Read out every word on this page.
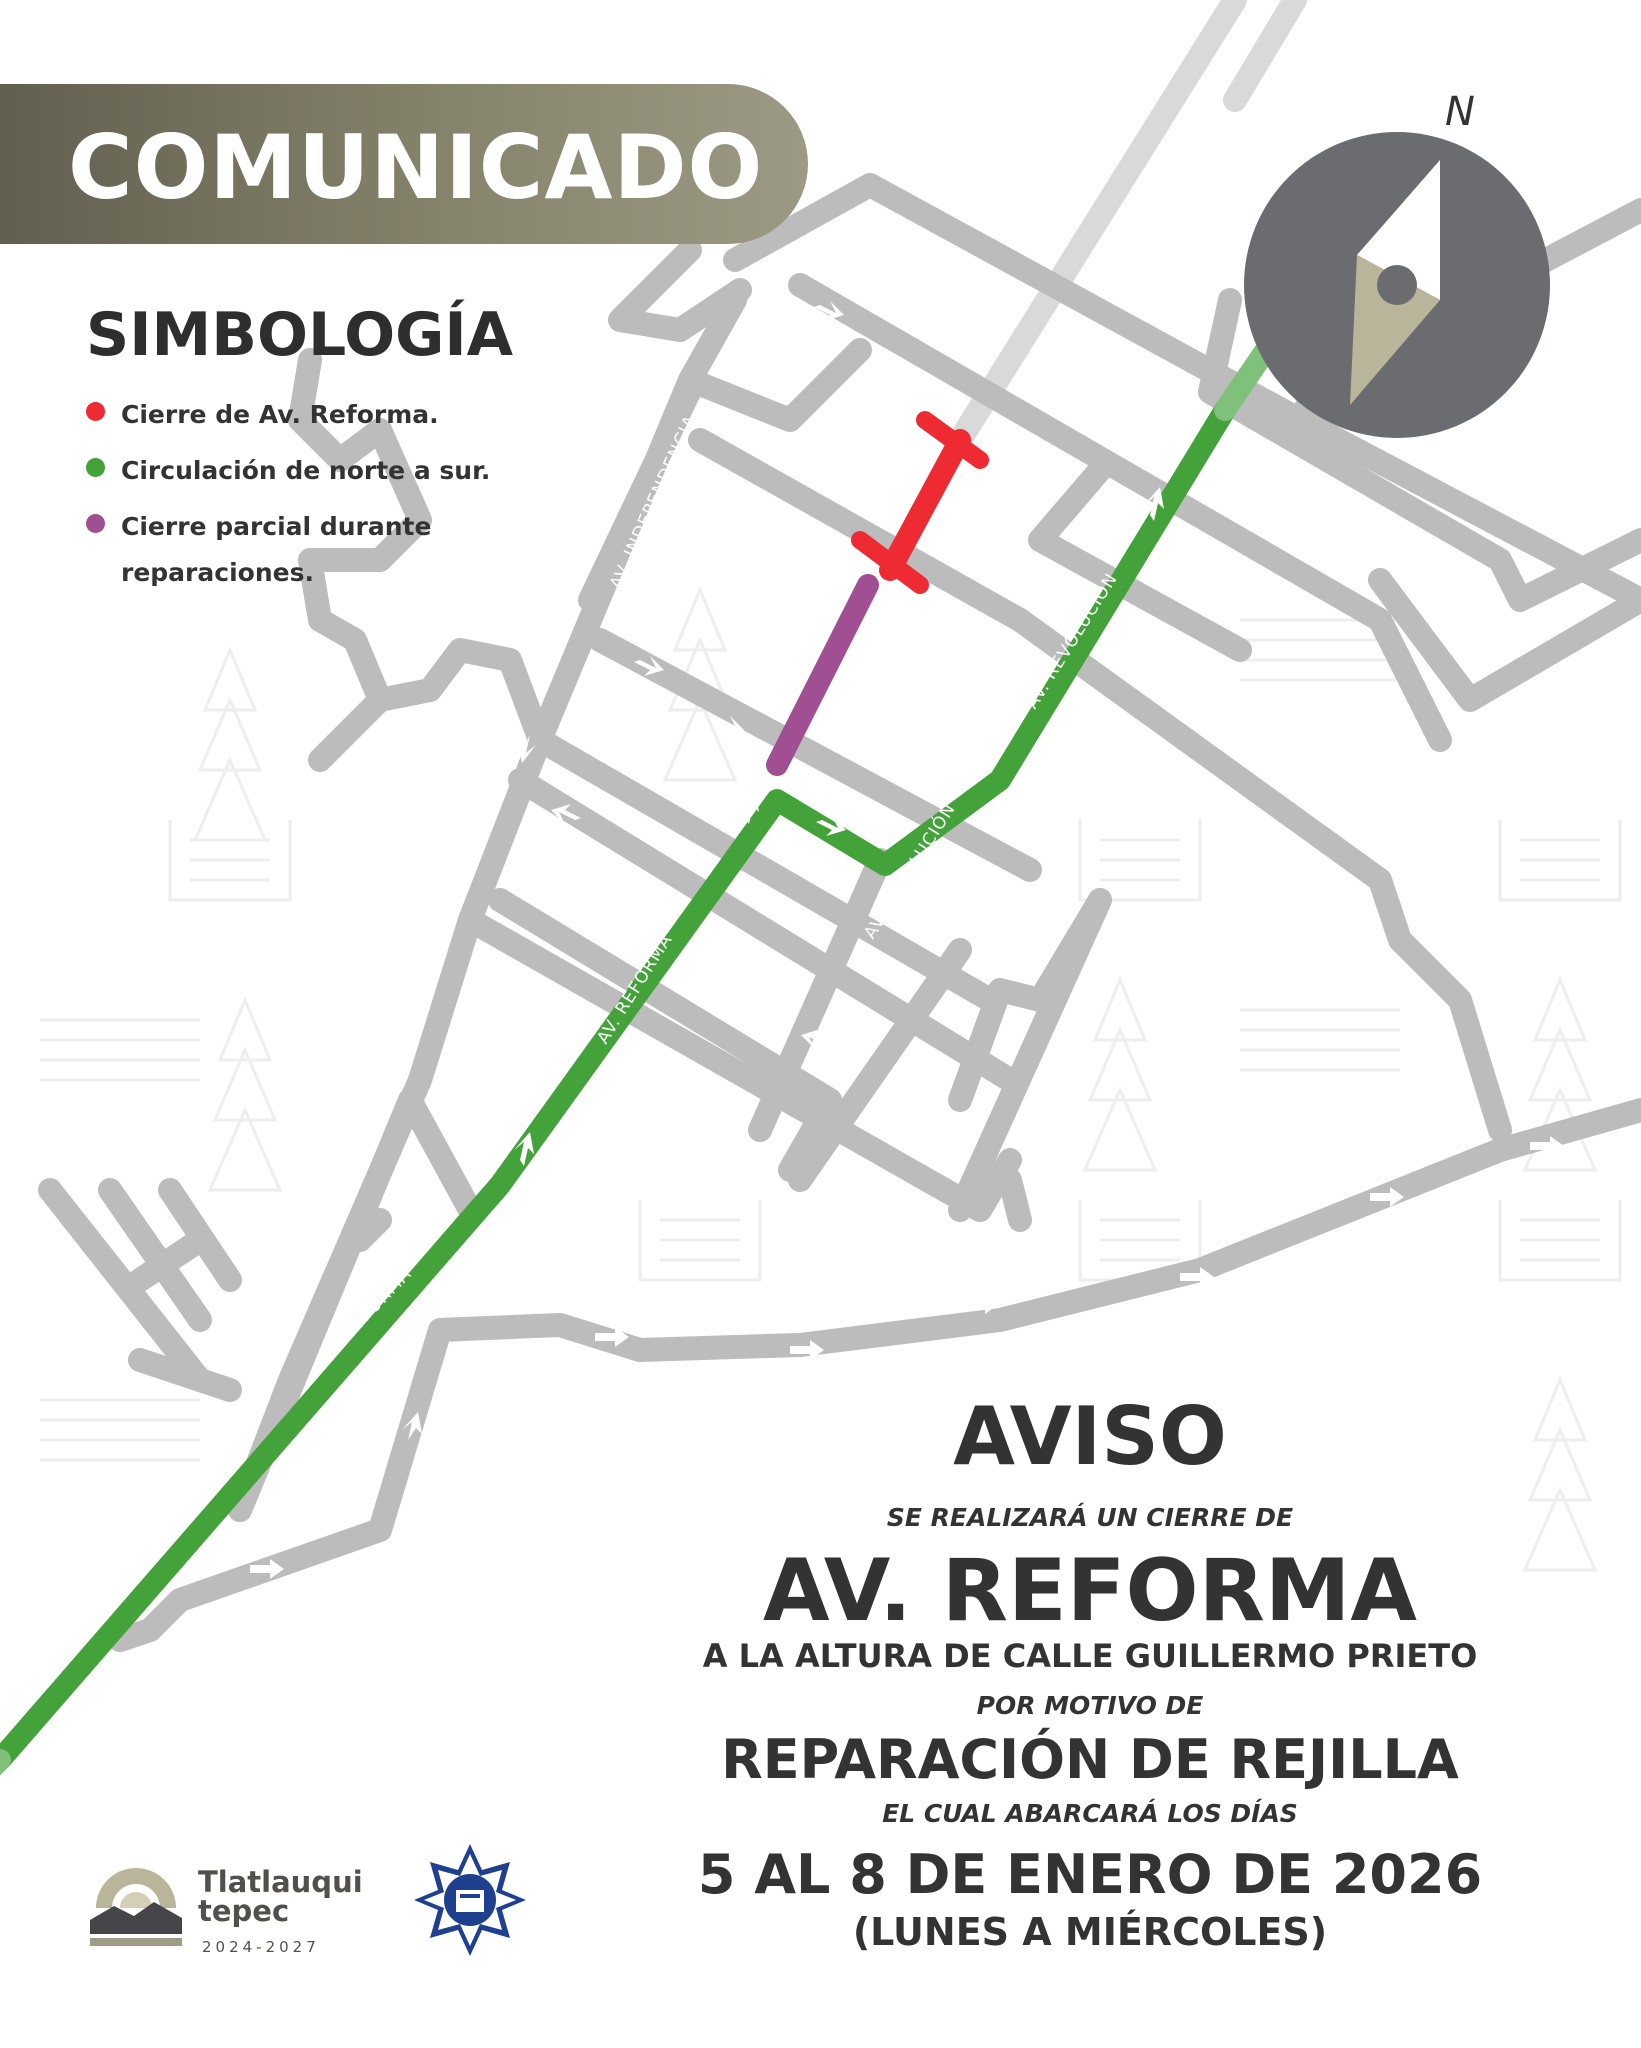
AV. INDEPENDENCIA
AV. INDEPENDENCIA
AV. REVOLUCIÓN
AV. REVOLUCIÓN
AV. REFORMA
AV. REFORMA
N
COMUNICADO
SIMBOLOGÍA
Cierre de Av. Reforma.
Circulación de norte a sur.
Cierre parcial durante
reparaciones.
AVISO
SE REALIZARÁ UN CIERRE DE
AV. REFORMA
A LA ALTURA DE CALLE GUILLERMO PRIETO
POR MOTIVO DE
REPARACIÓN DE REJILLA
EL CUAL ABARCARÁ LOS DÍAS
5 AL 8 DE ENERO DE 2026
(LUNES A MIÉRCOLES)
Tlatlauqui
tepec
2024-2027
